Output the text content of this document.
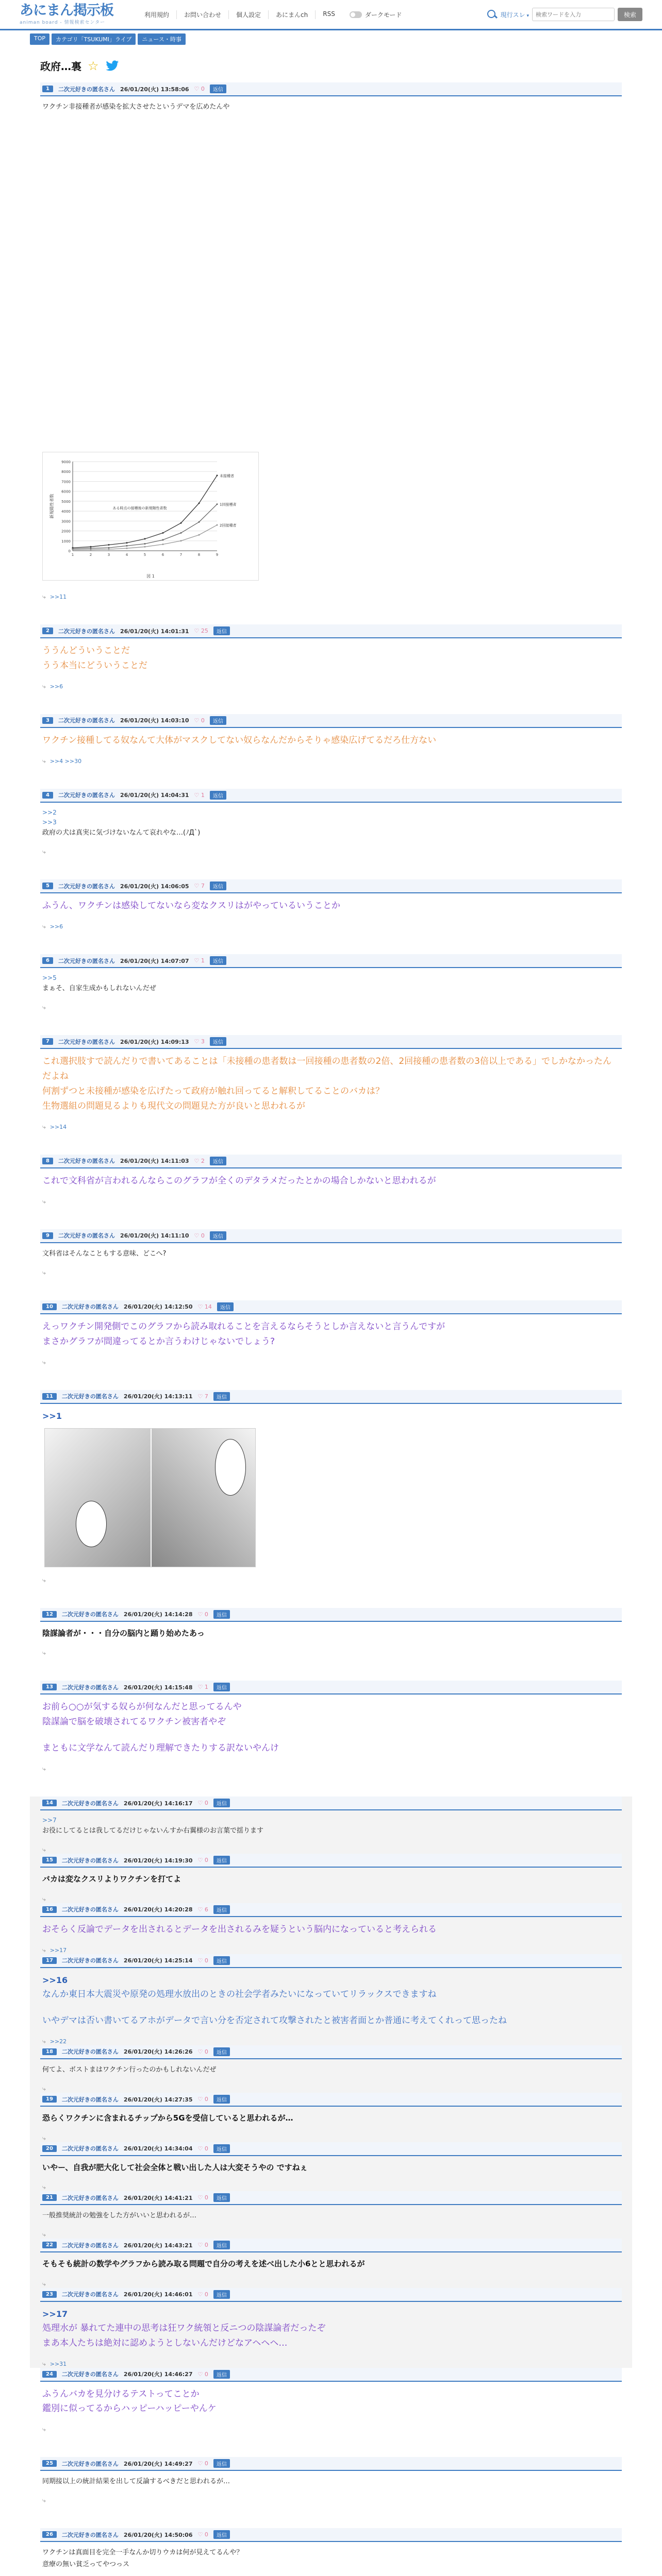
あにまん掲示板
animan board - 情報検索センター
利用規約	お問い合わせ	個人設定	あにまんch	RSS	ダークモード	現行スレ ▾
検索ワードを入力	検索
TOP	カテゴリ「TSUKUMI」ライブ	ニュース・時事
政府…裏 ☆
1	二次元好きの匿名さん 26/01/20(火) 13:58:06	♡ 0	返信

ワクチン非接種者が感染を拡大させたというデマを広めたんや

0
1000
2000
3000
4000
5000
6000
7000
8000
9000
1	2	3	4	5	6	7	8	9
新規陽性者数
未接種者
1回接種者
2回接種者
ある時点の接種後の新規陽性者数
図 1
⤷ >>11
2	二次元好きの匿名さん 26/01/20(火) 14:01:31	♡ 25	返信

ううんどういうことだ

うう本当にどういうことだ

⤷ >>6
3	二次元好きの匿名さん 26/01/20(火) 14:03:10	♡ 0	返信

ワクチン接種してる奴なんて大体がマスクしてない奴らなんだからそりゃ感染広げてるだろ仕方ない

⤷ >>4 >>30
4	二次元好きの匿名さん 26/01/20(火) 14:04:31	♡ 1	返信

>>2

>>3

政府の犬は真実に気づけないなんて哀れやな…(ﾉД`)

⤷
5	二次元好きの匿名さん 26/01/20(火) 14:06:05	♡ 7	返信

ふうん、ワクチンは感染してないなら変なクスリはがやっているいうことか

⤷ >>6
6	二次元好きの匿名さん 26/01/20(火) 14:07:07	♡ 1	返信

>>5

まぁそ、自家生成かもしれないんだぜ

⤷
7	二次元好きの匿名さん 26/01/20(火) 14:09:13	♡ 3	返信

これ選択肢すで読んだりで書いてあることは「未接種の患者数は一回接種の患者数の2倍、2回接種の患者数の3倍以上である」でしかなかったんだよね

何割ずつと未接種が感染を広げたって政府が触れ回ってると解釈してることのバカは？

生物選組の問題見るよりも現代文の問題見た方が良いと思われるが

⤷ >>14
8	二次元好きの匿名さん 26/01/20(火) 14:11:03	♡ 2	返信

これで文科省が言われるんならこのグラフが全くのデタラメだったとかの場合しかないと思われるが

⤷
9	二次元好きの匿名さん 26/01/20(火) 14:11:10	♡ 0	返信

文科省はそんなこともする意味、どこへ?

⤷
10	二次元好きの匿名さん 26/01/20(火) 14:12:50	♡ 14	返信

えっワクチン開発側でこのグラフから読み取れることを言えるならそうとしか言えないと言うんですが

まさかグラフが間違ってるとか言うわけじゃないでしょう?

⤷
11	二次元好きの匿名さん 26/01/20(火) 14:13:11	♡ 7	返信

>>1

⤷
12	二次元好きの匿名さん 26/01/20(火) 14:14:28	♡ 0	返信

陰謀論者が・・・自分の脳内と踊り始めたあっ

⤷
13	二次元好きの匿名さん 26/01/20(火) 14:15:48	♡ 1	返信

お前ら○○が気する奴らが何なんだと思ってるんや

陰謀論で脳を破壊されてるワクチン被害者やぞ

まともに文学なんて読んだり理解できたりする訳ないやんけ

⤷
14	二次元好きの匿名さん 26/01/20(火) 14:16:17	♡ 0	返信

>>7

お役にしてるとは我してるだけじゃないんすか右翼様のお言葉で揺ります

⤷
15	二次元好きの匿名さん 26/01/20(火) 14:19:30	♡ 0	返信

バカは変なクスリよりワクチンを打てよ

⤷
16	二次元好きの匿名さん 26/01/20(火) 14:20:28	♡ 6	返信

おそらく反論でデータを出されるとデータを出されるみを疑うという脳内になっていると考えられる

⤷ >>17
17	二次元好きの匿名さん 26/01/20(火) 14:25:14	♡ 0	返信

>>16

なんか東日本大震災や原発の処理水放出のときの社会学者みたいになっていてリラックスできますね

いやデマは否い書いてるアホがデータで言い分を否定されて攻撃されたと被害者面とか普通に考えてくれって思ったね

⤷ >>22
18	二次元好きの匿名さん 26/01/20(火) 14:26:26	♡ 0	返信

何てよ、ボストまはワクチン行ったのかもしれないんだぜ

⤷
19	二次元好きの匿名さん 26/01/20(火) 14:27:35	♡ 0	返信

恐らくワクチンに含まれるチップから5Gを受信していると思われるが…

⤷
20	二次元好きの匿名さん 26/01/20(火) 14:34:04	♡ 0	返信

いやー、自我が肥大化して社会全体と戦い出した人は大変そうやの ですねぇ

⤷
21	二次元好きの匿名さん 26/01/20(火) 14:41:21	♡ 0	返信

一般推奨統計の勉強をした方がいいと思われるが…

⤷
22	二次元好きの匿名さん 26/01/20(火) 14:43:21	♡ 0	返信

そもそも統計の数学やグラフから読み取る問題で自分の考えを述べ出した小6とと思われるが

⤷
23	二次元好きの匿名さん 26/01/20(火) 14:46:01	♡ 0	返信

>>17

処理水が 暴れてた連中の思考は狂ワク統領と反ニつの陰謀論者だったぞ

まあ本人たちは絶対に認めようとしないんだけどなアヘヘヘ…

⤷ >>31
24	二次元好きの匿名さん 26/01/20(火) 14:46:27	♡ 0	返信

ふうんバカを見分けるテストってことか

鑑別に似ってるからハッピーハッピーやんケ

⤷
25	二次元好きの匿名さん 26/01/20(火) 14:49:27	♡ 0	返信

同期接以上の統計結果を出して反論するべきだと思われるが…

⤷
26	二次元好きの匿名さん 26/01/20(火) 14:50:06	♡ 0	返信

ワクチンは真面目を完全一手なんか切りウカは何が見えてるんや？

意療の無い貧乏ってやつっス
